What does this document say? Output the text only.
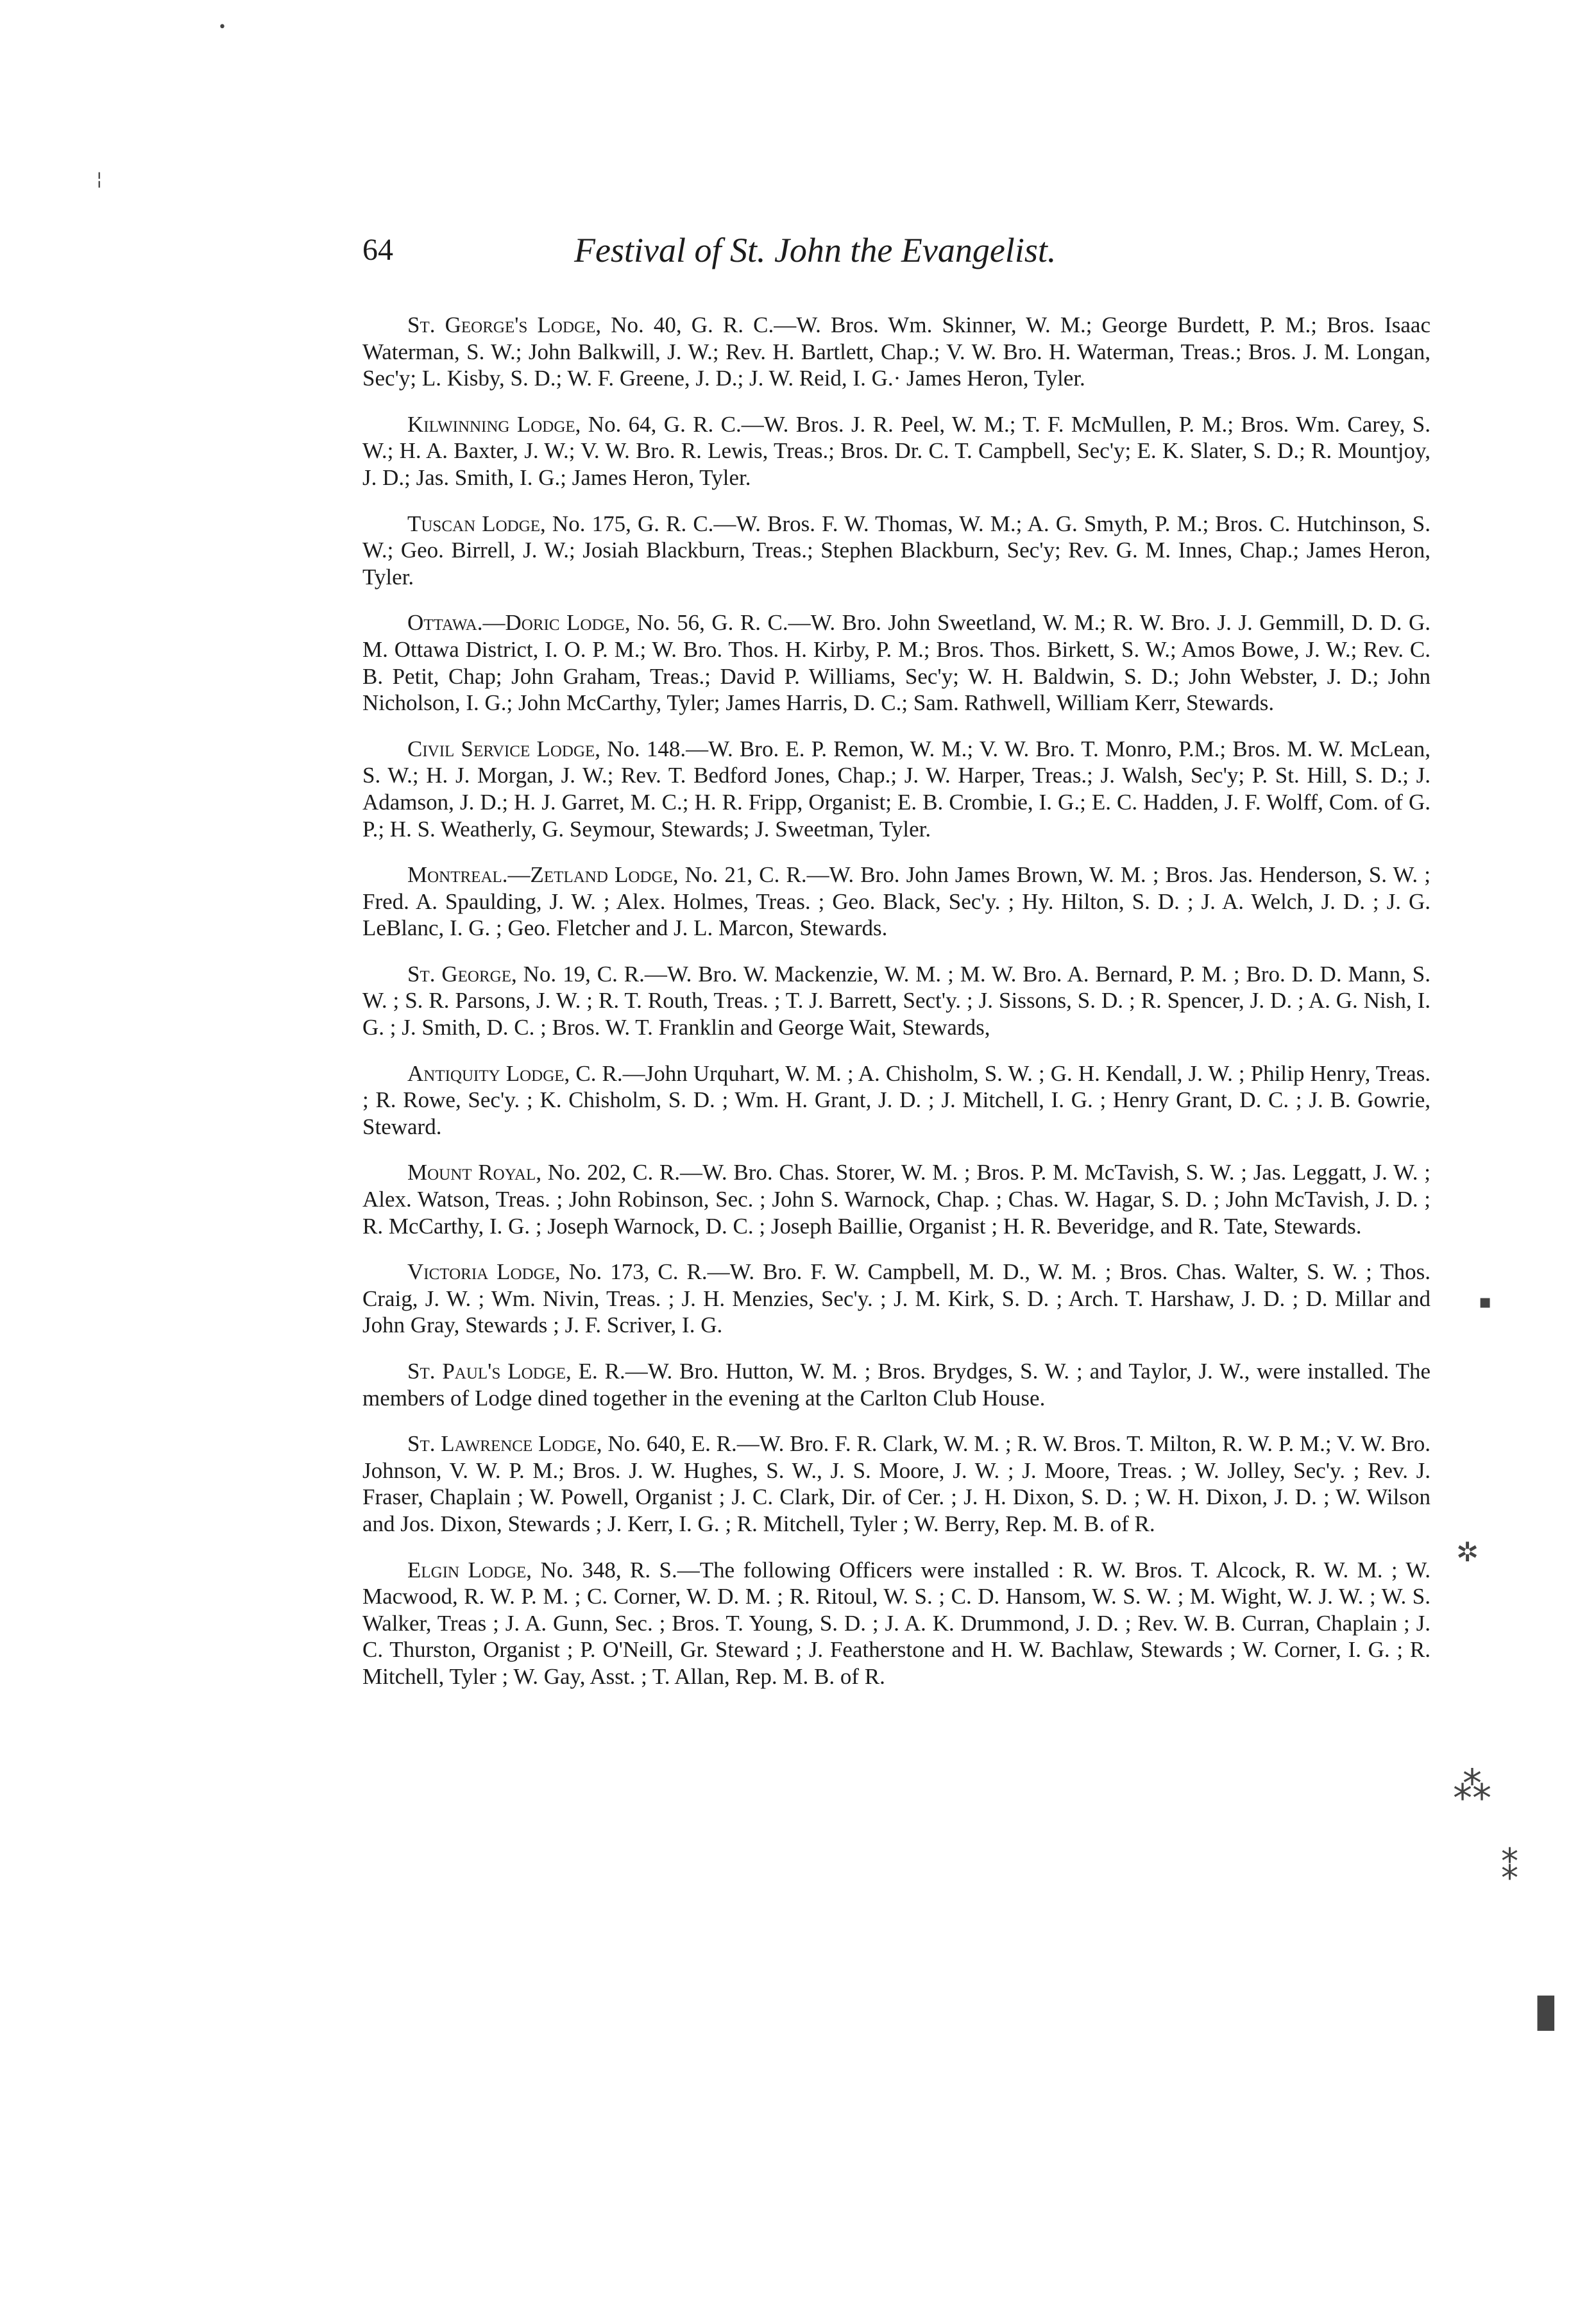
64	Festival of St. John the Evangelist.

St. George's Lodge, No. 40, G. R. C.—W. Bros. Wm. Skinner, W. M.; George Burdett, P. M.; Bros. Isaac Waterman, S. W.; John Balkwill, J. W.; Rev. H. Bartlett, Chap.; V. W. Bro. H. Waterman, Treas.; Bros. J. M. Longan, Sec'y; L. Kisby, S. D.; W. F. Greene, J. D.; J. W. Reid, I. G.· James Heron, Tyler.

Kilwinning Lodge, No. 64, G. R. C.—W. Bros. J. R. Peel, W. M.; T. F. McMullen, P. M.; Bros. Wm. Carey, S. W.; H. A. Baxter, J. W.; V. W. Bro. R. Lewis, Treas.; Bros. Dr. C. T. Campbell, Sec'y; E. K. Slater, S. D.; R. Mountjoy, J. D.; Jas. Smith, I. G.; James Heron, Tyler.

Tuscan Lodge, No. 175, G. R. C.—W. Bros. F. W. Thomas, W. M.; A. G. Smyth, P. M.; Bros. C. Hutchinson, S. W.; Geo. Birrell, J. W.; Josiah Blackburn, Treas.; Stephen Blackburn, Sec'y; Rev. G. M. Innes, Chap.; James Heron, Tyler.

Ottawa.—Doric Lodge, No. 56, G. R. C.—W. Bro. John Sweetland, W. M.; R. W. Bro. J. J. Gemmill, D. D. G. M. Ottawa District, I. O. P. M.; W. Bro. Thos. H. Kirby, P. M.; Bros. Thos. Birkett, S. W.; Amos Bowe, J. W.; Rev. C. B. Petit, Chap; John Graham, Treas.; David P. Williams, Sec'y; W. H. Baldwin, S. D.; John Webster, J. D.; John Nicholson, I. G.; John McCarthy, Tyler; James Harris, D. C.; Sam. Rathwell, William Kerr, Stewards.

Civil Service Lodge, No. 148.—W. Bro. E. P. Remon, W. M.; V. W. Bro. T. Monro, P.M.; Bros. M. W. McLean, S. W.; H. J. Morgan, J. W.; Rev. T. Bedford Jones, Chap.; J. W. Harper, Treas.; J. Walsh, Sec'y; P. St. Hill, S. D.; J. Adamson, J. D.; H. J. Garret, M. C.; H. R. Fripp, Organist; E. B. Crombie, I. G.; E. C. Hadden, J. F. Wolff, Com. of G. P.; H. S. Weatherly, G. Seymour, Stewards; J. Sweetman, Tyler.

Montreal.—Zetland Lodge, No. 21, C. R.—W. Bro. John James Brown, W. M. ; Bros. Jas. Henderson, S. W. ; Fred. A. Spaulding, J. W. ; Alex. Holmes, Treas. ; Geo. Black, Sec'y. ; Hy. Hilton, S. D. ; J. A. Welch, J. D. ; J. G. LeBlanc, I. G. ; Geo. Fletcher and J. L. Marcon, Stewards.

St. George, No. 19, C. R.—W. Bro. W. Mackenzie, W. M. ; M. W. Bro. A. Bernard, P. M. ; Bro. D. D. Mann, S. W. ; S. R. Parsons, J. W. ; R. T. Routh, Treas. ; T. J. Barrett, Sect'y. ; J. Sissons, S. D. ; R. Spencer, J. D. ; A. G. Nish, I. G. ; J. Smith, D. C. ; Bros. W. T. Franklin and George Wait, Stewards,

Antiquity Lodge, C. R.—John Urquhart, W. M. ; A. Chisholm, S. W. ; G. H. Kendall, J. W. ; Philip Henry, Treas. ; R. Rowe, Sec'y. ; K. Chisholm, S. D. ; Wm. H. Grant, J. D. ; J. Mitchell, I. G. ; Henry Grant, D. C. ; J. B. Gowrie, Steward.

Mount Royal, No. 202, C. R.—W. Bro. Chas. Storer, W. M. ; Bros. P. M. McTavish, S. W. ; Jas. Leggatt, J. W. ; Alex. Watson, Treas. ; John Robinson, Sec. ; John S. Warnock, Chap. ; Chas. W. Hagar, S. D. ; John McTavish, J. D. ; R. McCarthy, I. G. ; Joseph Warnock, D. C. ; Joseph Baillie, Organist ; H. R. Beveridge, and R. Tate, Stewards.

Victoria Lodge, No. 173, C. R.—W. Bro. F. W. Campbell, M. D., W. M. ; Bros. Chas. Walter, S. W. ; Thos. Craig, J. W. ; Wm. Nivin, Treas. ; J. H. Menzies, Sec'y. ; J. M. Kirk, S. D. ; Arch. T. Harshaw, J. D. ; D. Millar and John Gray, Stewards ; J. F. Scriver, I. G.

St. Paul's Lodge, E. R.—W. Bro. Hutton, W. M. ; Bros. Brydges, S. W. ; and Taylor, J. W., were installed. The members of Lodge dined together in the evening at the Carlton Club House.

St. Lawrence Lodge, No. 640, E. R.—W. Bro. F. R. Clark, W. M. ; R. W. Bros. T. Milton, R. W. P. M.; V. W. Bro. Johnson, V. W. P. M.; Bros. J. W. Hughes, S. W., J. S. Moore, J. W. ; J. Moore, Treas. ; W. Jolley, Sec'y. ; Rev. J. Fraser, Chaplain ; W. Powell, Organist ; J. C. Clark, Dir. of Cer. ; J. H. Dixon, S. D. ; W. H. Dixon, J. D. ; W. Wilson and Jos. Dixon, Stewards ; J. Kerr, I. G. ; R. Mitchell, Tyler ; W. Berry, Rep. M. B. of R.

Elgin Lodge, No. 348, R. S.—The following Officers were installed : R. W. Bros. T. Alcock, R. W. M. ; W. Macwood, R. W. P. M. ; C. Corner, W. D. M. ; R. Ritoul, W. S. ; C. D. Hansom, W. S. W. ; M. Wight, W. J. W. ; W. S. Walker, Treas ; J. A. Gunn, Sec. ; Bros. T. Young, S. D. ; J. A. K. Drummond, J. D. ; Rev. W. B. Curran, Chaplain ; J. C. Thurston, Organist ; P. O'Neill, Gr. Steward ; J. Featherstone and H. W. Bachlaw, Stewards ; W. Corner, I. G. ; R. Mitchell, Tyler ; W. Gay, Asst. ; T. Allan, Rep. M. B. of R.

•
¦
▪
✲
⁂
⁑
▮
